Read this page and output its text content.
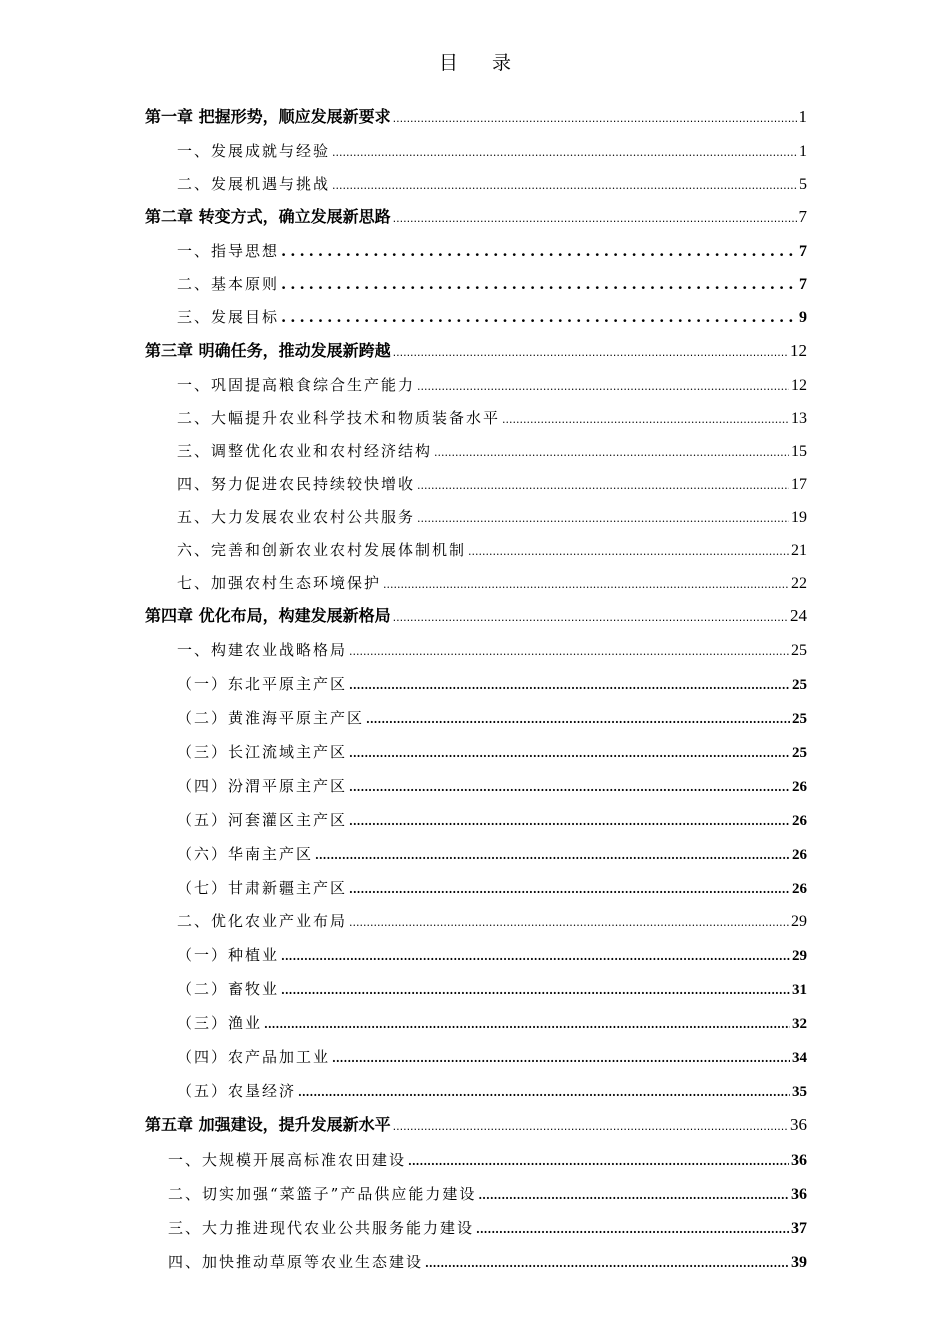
目 录
第一章 把握形势，顺应发展新要求 .....	1
一、发展成就与经验 .....	1
二、发展机遇与挑战 .....	5
第二章 转变方式，确立发展新思路 .....	7
一、指导思想 .....	7
二、基本原则 .....	7
三、发展目标 .....	9
第三章 明确任务，推动发展新跨越 .....	12
一、巩固提高粮食综合生产能力 .....	12
二、大幅提升农业科学技术和物质装备水平 .....	13
三、调整优化农业和农村经济结构 .....	15
四、努力促进农民持续较快增收 .....	17
五、大力发展农业农村公共服务 .....	19
六、完善和创新农业农村发展体制机制 .....	21
七、加强农村生态环境保护 .....	22
第四章 优化布局，构建发展新格局 .....	24
一、构建农业战略格局 .....	25
（一）东北平原主产区 .....	25
（二）黄淮海平原主产区 .....	25
（三）长江流域主产区 .....	25
（四）汾渭平原主产区 .....	26
（五）河套灌区主产区 .....	26
（六）华南主产区 .....	26
（七）甘肃新疆主产区 .....	26
二、优化农业产业布局 .....	29
（一）种植业 .....	29
（二）畜牧业 .....	31
（三）渔业 .....	32
（四）农产品加工业 .....	34
（五）农垦经济 .....	35
第五章 加强建设，提升发展新水平 .....	36
一、大规模开展高标准农田建设 .....	36
二、切实加强“菜篮子”产品供应能力建设 .....	36
三、大力推进现代农业公共服务能力建设 .....	37
四、加快推动草原等农业生态建设 .....	39
